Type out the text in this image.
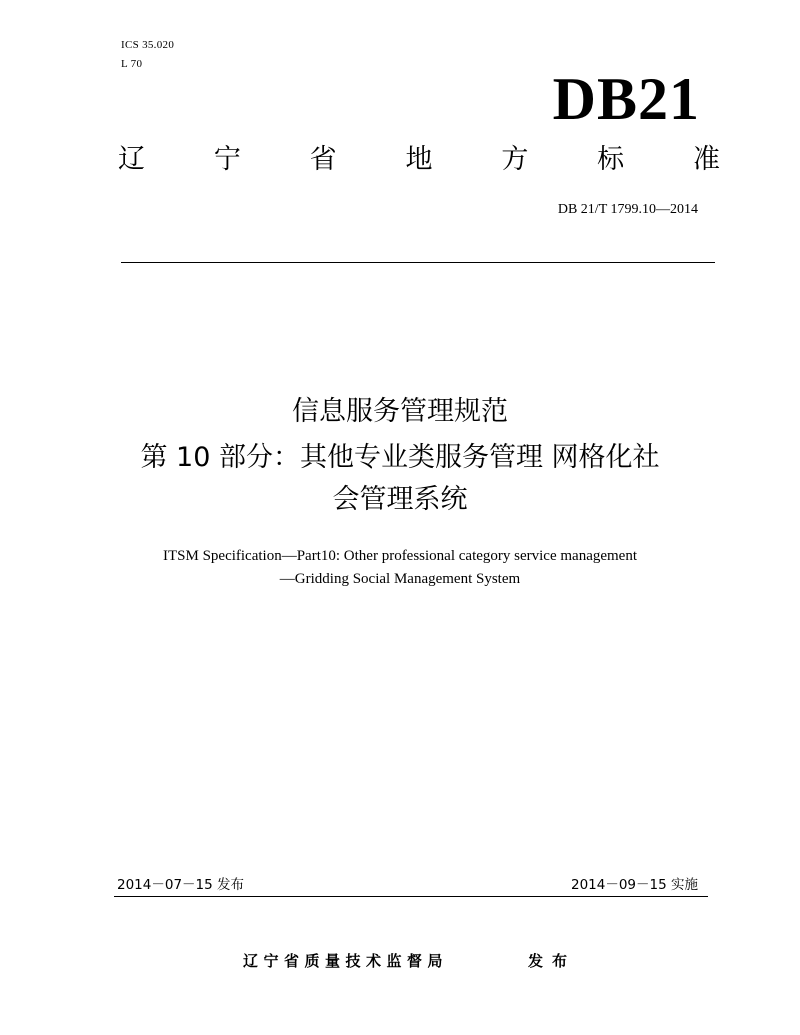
ICS 35.020
L 70
DB21
辽	宁	省	地	方	标	准
DB 21/T 1799.10—2014
信息服务管理规范
第 10 部分：其他专业类服务管理 网格化社
会管理系统
ITSM Specification—Part10: Other professional category service management
—Gridding Social Management System
2014－07－15 发布	2014－09－15 实施
辽宁省质量技术监督局	发布
